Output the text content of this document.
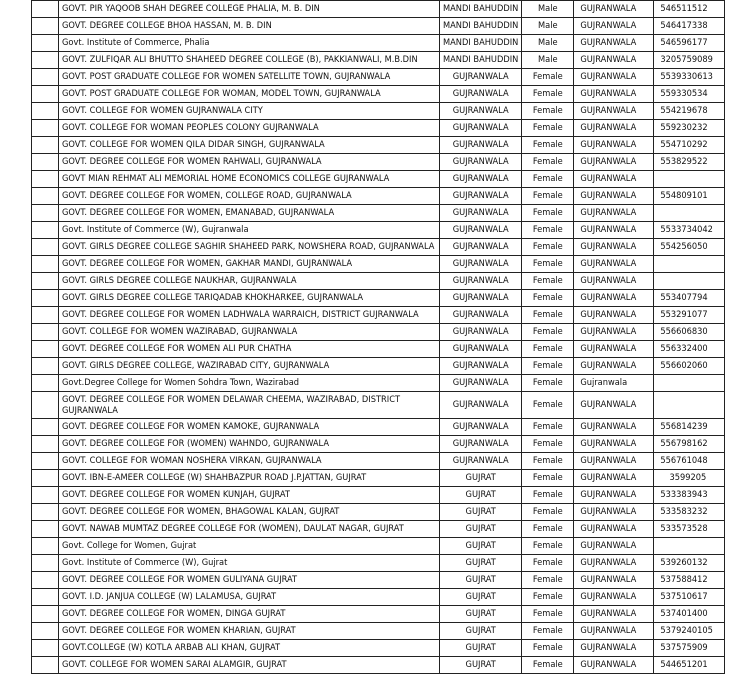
	GOVT. PIR YAQOOB SHAH DEGREE COLLEGE PHALIA, M. B. DIN	MANDI BAHUDDIN	Male	GUJRANWALA	546511512
	GOVT. DEGREE COLLEGE BHOA HASSAN, M. B. DIN	MANDI BAHUDDIN	Male	GUJRANWALA	546417338
	Govt. Institute of Commerce, Phalia	MANDI BAHUDDIN	Male	GUJRANWALA	546596177
	GOVT. ZULFIQAR ALI BHUTTO SHAHEED DEGREE COLLEGE (B), PAKKIANWALI, M.B.DIN	MANDI BAHUDDIN	Male	GUJRANWALA	3205759089
	GOVT. POST GRADUATE COLLEGE FOR WOMEN SATELLITE TOWN, GUJRANWALA	GUJRANWALA	Female	GUJRANWALA	5539330613
	GOVT. POST GRADUATE COLLEGE FOR WOMAN, MODEL TOWN, GUJRANWALA	GUJRANWALA	Female	GUJRANWALA	559330534
	GOVT. COLLEGE FOR WOMEN GUJRANWALA CITY	GUJRANWALA	Female	GUJRANWALA	554219678
	GOVT. COLLEGE FOR WOMAN PEOPLES COLONY GUJRANWALA	GUJRANWALA	Female	GUJRANWALA	559230232
	GOVT. COLLEGE FOR WOMEN QILA DIDAR SINGH, GUJRANWALA	GUJRANWALA	Female	GUJRANWALA	554710292
	GOVT. DEGREE COLLEGE FOR WOMEN RAHWALI, GUJRANWALA	GUJRANWALA	Female	GUJRANWALA	553829522
	GOVT MIAN REHMAT ALI MEMORIAL HOME ECONOMICS COLLEGE GUJRANWALA	GUJRANWALA	Female	GUJRANWALA	
	GOVT. DEGREE COLLEGE FOR WOMEN, COLLEGE ROAD, GUJRANWALA	GUJRANWALA	Female	GUJRANWALA	554809101
	GOVT. DEGREE COLLEGE FOR WOMEN, EMANABAD, GUJRANWALA	GUJRANWALA	Female	GUJRANWALA	
	Govt. Institute of Commerce (W), Gujranwala	GUJRANWALA	Female	GUJRANWALA	5533734042
	GOVT. GIRLS DEGREE COLLEGE SAGHIR SHAHEED PARK, NOWSHERA ROAD, GUJRANWALA	GUJRANWALA	Female	GUJRANWALA	554256050
	GOVT. DEGREE COLLEGE FOR WOMEN, GAKHAR MANDI, GUJRANWALA	GUJRANWALA	Female	GUJRANWALA	
	GOVT. GIRLS DEGREE COLLEGE NAUKHAR, GUJRANWALA	GUJRANWALA	Female	GUJRANWALA	
	GOVT. GIRLS DEGREE COLLEGE TARIQADAB KHOKHARKEE, GUJRANWALA	GUJRANWALA	Female	GUJRANWALA	553407794
	GOVT. DEGREE COLLEGE FOR WOMEN LADHWALA WARRAICH, DISTRICT GUJRANWALA	GUJRANWALA	Female	GUJRANWALA	553291077
	GOVT. COLLEGE FOR WOMEN WAZIRABAD, GUJRANWALA	GUJRANWALA	Female	GUJRANWALA	556606830
	GOVT. DEGREE COLLEGE FOR WOMEN ALI PUR CHATHA	GUJRANWALA	Female	GUJRANWALA	556332400
	GOVT. GIRLS DEGREE COLLEGE, WAZIRABAD CITY, GUJRANWALA	GUJRANWALA	Female	GUJRANWALA	556602060
	Govt.Degree College for Women Sohdra Town, Wazirabad	GUJRANWALA	Female	Gujranwala	
	GOVT. DEGREE COLLEGE FOR WOMEN DELAWAR CHEEMA, WAZIRABAD, DISTRICT GUJRANWALA	GUJRANWALA	Female	GUJRANWALA	
	GOVT. DEGREE COLLEGE FOR WOMEN KAMOKE, GUJRANWALA	GUJRANWALA	Female	GUJRANWALA	556814239
	GOVT. DEGREE COLLEGE FOR (WOMEN) WAHNDO, GUJRANWALA	GUJRANWALA	Female	GUJRANWALA	556798162
	GOVT. COLLEGE FOR WOMAN NOSHERA VIRKAN, GUJRANWALA	GUJRANWALA	Female	GUJRANWALA	556761048
	GOVT. IBN-E-AMEER COLLEGE (W) SHAHBAZPUR ROAD J.P.JATTAN, GUJRAT	GUJRAT	Female	GUJRANWALA	3599205
	GOVT. DEGREE COLLEGE FOR WOMEN KUNJAH, GUJRAT	GUJRAT	Female	GUJRANWALA	533383943
	GOVT. DEGREE COLLEGE FOR WOMEN, BHAGOWAL KALAN, GUJRAT	GUJRAT	Female	GUJRANWALA	533583232
	GOVT. NAWAB MUMTAZ DEGREE COLLEGE FOR (WOMEN), DAULAT NAGAR, GUJRAT	GUJRAT	Female	GUJRANWALA	533573528
	Govt. College for Women, Gujrat	GUJRAT	Female	GUJRANWALA	
	Govt. Institute of Commerce (W), Gujrat	GUJRAT	Female	GUJRANWALA	539260132
	GOVT. DEGREE COLLEGE FOR WOMEN GULIYANA GUJRAT	GUJRAT	Female	GUJRANWALA	537588412
	GOVT. I.D. JANJUA COLLEGE (W) LALAMUSA, GUJRAT	GUJRAT	Female	GUJRANWALA	537510617
	GOVT. DEGREE COLLEGE FOR WOMEN, DINGA GUJRAT	GUJRAT	Female	GUJRANWALA	537401400
	GOVT. DEGREE COLLEGE FOR WOMEN KHARIAN, GUJRAT	GUJRAT	Female	GUJRANWALA	5379240105
	GOVT.COLLEGE (W) KOTLA ARBAB ALI KHAN, GUJRAT	GUJRAT	Female	GUJRANWALA	537575909
	GOVT. COLLEGE FOR WOMEN SARAI ALAMGIR, GUJRAT	GUJRAT	Female	GUJRANWALA	544651201
